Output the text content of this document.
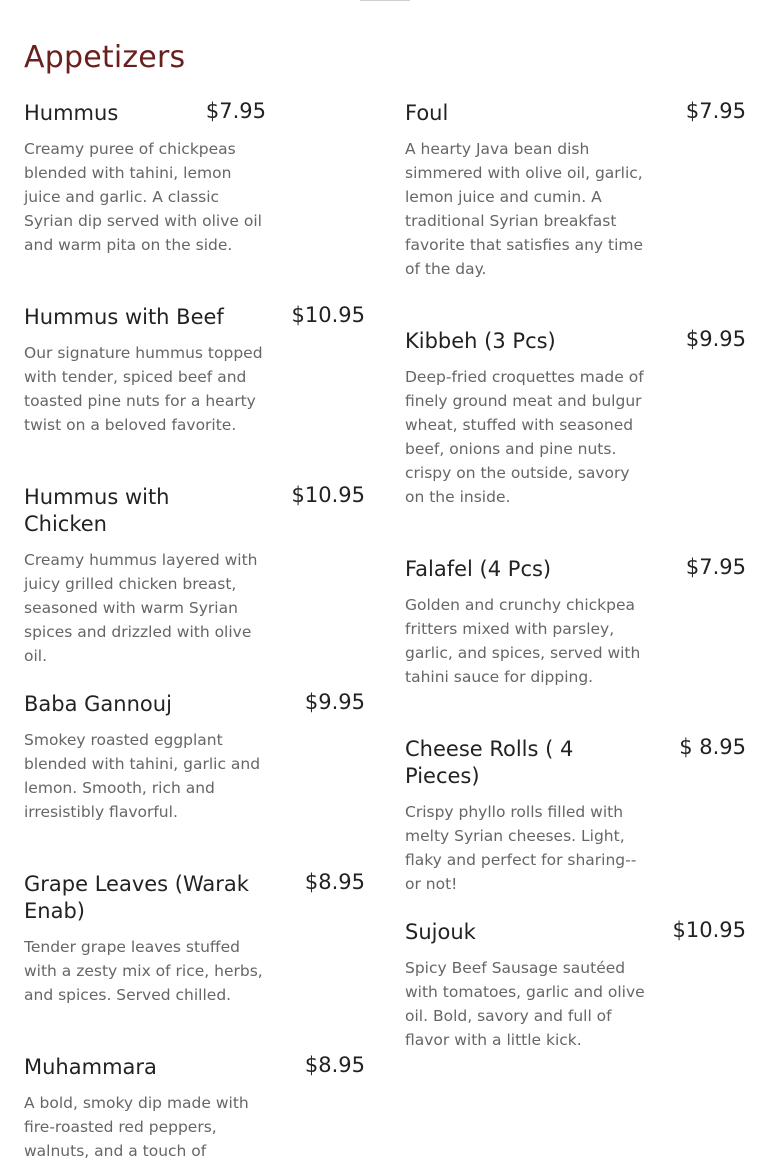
Appetizers
Hummus	$7.95
Creamy puree of chickpeas blended with tahini, lemon juice and garlic. A classic Syrian dip served with olive oil and warm pita on the side.
Hummus with Beef	$10.95
Our signature hummus topped with tender, spiced beef and toasted pine nuts for a hearty twist on a beloved favorite.
Hummus with Chicken
$10.95
Creamy hummus layered with juicy grilled chicken breast, seasoned with warm Syrian spices and drizzled with olive oil.
Baba Gannouj	$9.95
Smokey roasted eggplant blended with tahini, garlic and lemon. Smooth, rich and irresistibly flavorful.
Grape Leaves (Warak Enab)
$8.95
Tender grape leaves stuffed with a zesty mix of rice, herbs, and spices. Served chilled.
Muhammara	$8.95
A bold, smoky dip made with fire-roasted red peppers, walnuts, and a touch of
Foul	$7.95
A hearty Java bean dish simmered with olive oil, garlic, lemon juice and cumin. A traditional Syrian breakfast favorite that satisfies any time of the day.
Kibbeh (3 Pcs)	$9.95
Deep-fried croquettes made of finely ground meat and bulgur wheat, stuffed with seasoned beef, onions and pine nuts. crispy on the outside, savory on the inside.
Falafel (4 Pcs)	$7.95
Golden and crunchy chickpea fritters mixed with parsley, garlic, and spices, served with tahini sauce for dipping.
Cheese Rolls ( 4 Pieces)
$ 8.95
Crispy phyllo rolls filled with melty Syrian cheeses. Light, flaky and perfect for sharing--or not!
Sujouk	$10.95
Spicy Beef Sausage sautéed with tomatoes, garlic and olive oil. Bold, savory and full of flavor with a little kick.
